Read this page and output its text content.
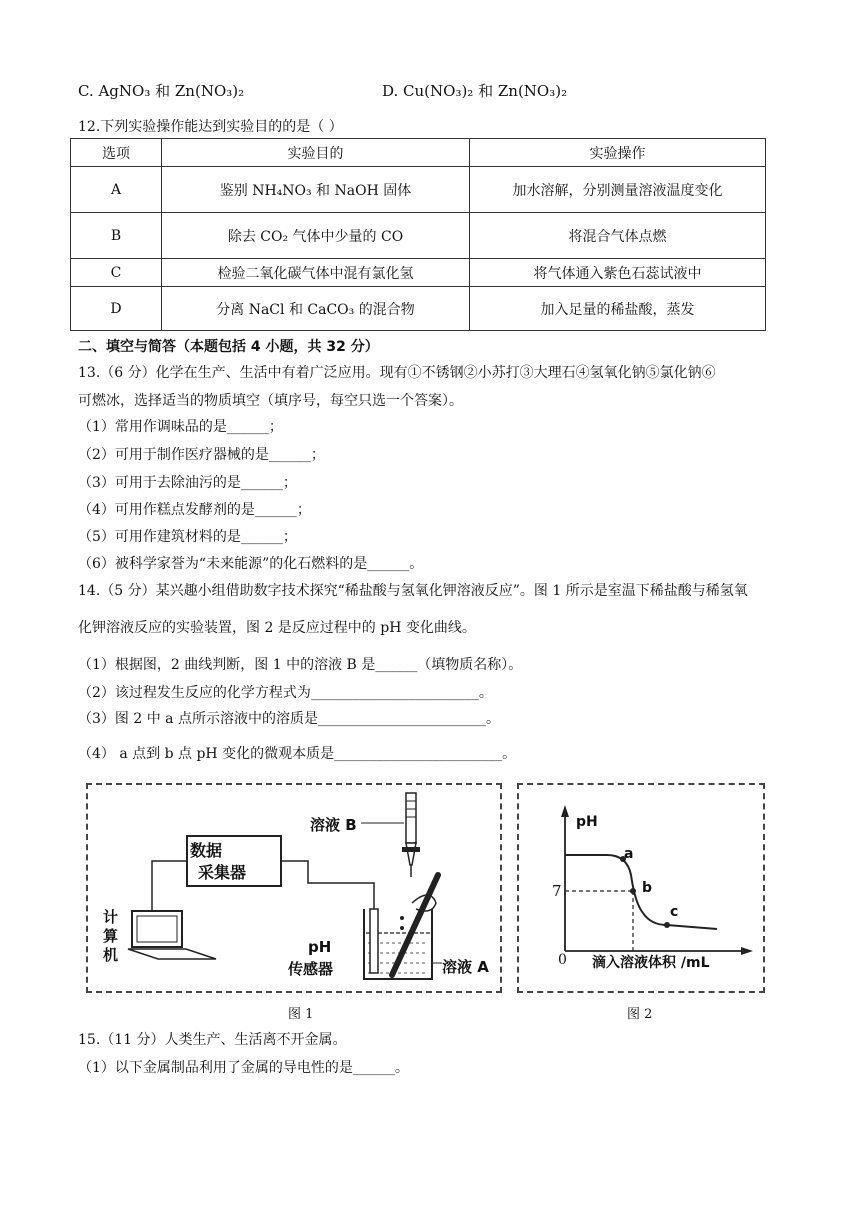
C. AgNO₃ 和 Zn(NO₃)₂	D. Cu(NO₃)₂ 和 Zn(NO₃)₂
12.下列实验操作能达到实验目的的是（ ）
选项	实验目的	实验操作
A	鉴别 NH₄NO₃ 和 NaOH 固体	加水溶解，分别测量溶液温度变化
B	除去 CO₂ 气体中少量的 CO	将混合气体点燃
C	检验二氧化碳气体中混有氯化氢	将气体通入紫色石蕊试液中
D	分离 NaCl 和 CaCO₃ 的混合物	加入足量的稀盐酸，蒸发
二、填空与简答（本题包括 4 小题，共 32 分）
13.（6 分）化学在生产、生活中有着广泛应用。现有①不锈钢②小苏打③大理石④氢氧化钠⑤氯化钠⑥
可燃冰，选择适当的物质填空（填序号，每空只选一个答案）。
（1）常用作调味品的是______；
（2）可用于制作医疗器械的是______；
（3）可用于去除油污的是______；
（4）可用作糕点发酵剂的是______；
（5）可用作建筑材料的是______；
（6）被科学家誉为“未来能源”的化石燃料的是______。
14.（5 分）某兴趣小组借助数字技术探究“稀盐酸与氢氧化钾溶液反应”。图 1 所示是室温下稀盐酸与稀氢氧
化钾溶液反应的实验装置，图 2 是反应过程中的 pH 变化曲线。
（1）根据图，2 曲线判断，图 1 中的溶液 B 是______（填物质名称）。
（2）该过程发生反应的化学方程式为________________________。
（3）图 2 中 a 点所示溶液中的溶质是________________________。
（4） a 点到 b 点 pH 变化的微观本质是________________________。
数据
采集器
溶液 B
计
算
机	pH
传感器	溶液 A
图 1
pH
7
0 滴入溶液体积 /mL
a
b
c
图 2
15.（11 分）人类生产、生活离不开金属。
（1）以下金属制品利用了金属的导电性的是______。
